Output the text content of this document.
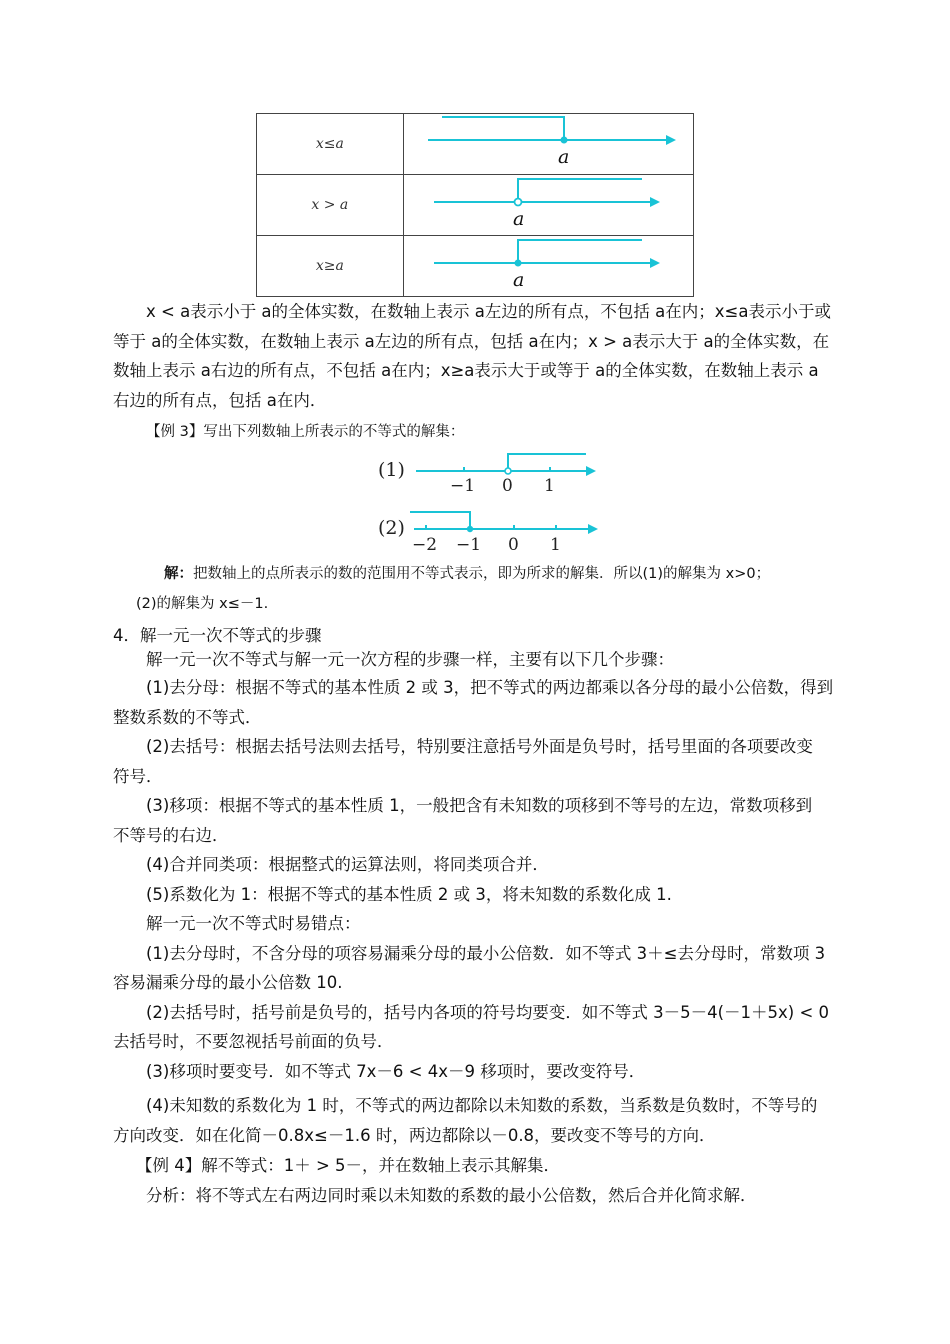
x≤a	a

x > a	a

x≥a	a
x < a表示小于 a的全体实数，在数轴上表示 a左边的所有点，不包括 a在内；x≤a表示小于或
等于 a的全体实数，在数轴上表示 a左边的所有点，包括 a在内；x > a表示大于 a的全体实数，在
数轴上表示 a右边的所有点，不包括 a在内；x≥a表示大于或等于 a的全体实数，在数轴上表示 a
右边的所有点，包括 a在内．
【例 3】写出下列数轴上所表示的不等式的解集：
(1)
−1 0 1
(2)
−2 −1 0 1
解：把数轴上的点所表示的数的范围用不等式表示，即为所求的解集．所以(1)的解集为 x>0；
(2)的解集为 x≤－1.
4．解一元一次不等式的步骤
解一元一次不等式与解一元一次方程的步骤一样，主要有以下几个步骤：
(1)去分母：根据不等式的基本性质 2 或 3，把不等式的两边都乘以各分母的最小公倍数，得到
整数系数的不等式．
(2)去括号：根据去括号法则去括号，特别要注意括号外面是负号时，括号里面的各项要改变
符号．
(3)移项：根据不等式的基本性质 1，一般把含有未知数的项移到不等号的左边，常数项移到
不等号的右边．
(4)合并同类项：根据整式的运算法则，将同类项合并．
(5)系数化为 1：根据不等式的基本性质 2 或 3，将未知数的系数化成 1.
解一元一次不等式时易错点：
(1)去分母时，不含分母的项容易漏乘分母的最小公倍数．如不等式 3＋≤去分母时，常数项 3
容易漏乘分母的最小公倍数 10.
(2)去括号时，括号前是负号的，括号内各项的符号均要变．如不等式 3－5－4(－1＋5x) < 0
去括号时，不要忽视括号前面的负号．
(3)移项时要变号．如不等式 7x－6 < 4x－9 移项时，要改变符号．
(4)未知数的系数化为 1 时，不等式的两边都除以未知数的系数，当系数是负数时，不等号的
方向改变．如在化简－0.8x≤－1.6 时，两边都除以－0.8，要改变不等号的方向．
【例 4】解不等式：1＋ > 5－，并在数轴上表示其解集．
分析：将不等式左右两边同时乘以未知数的系数的最小公倍数，然后合并化简求解．
